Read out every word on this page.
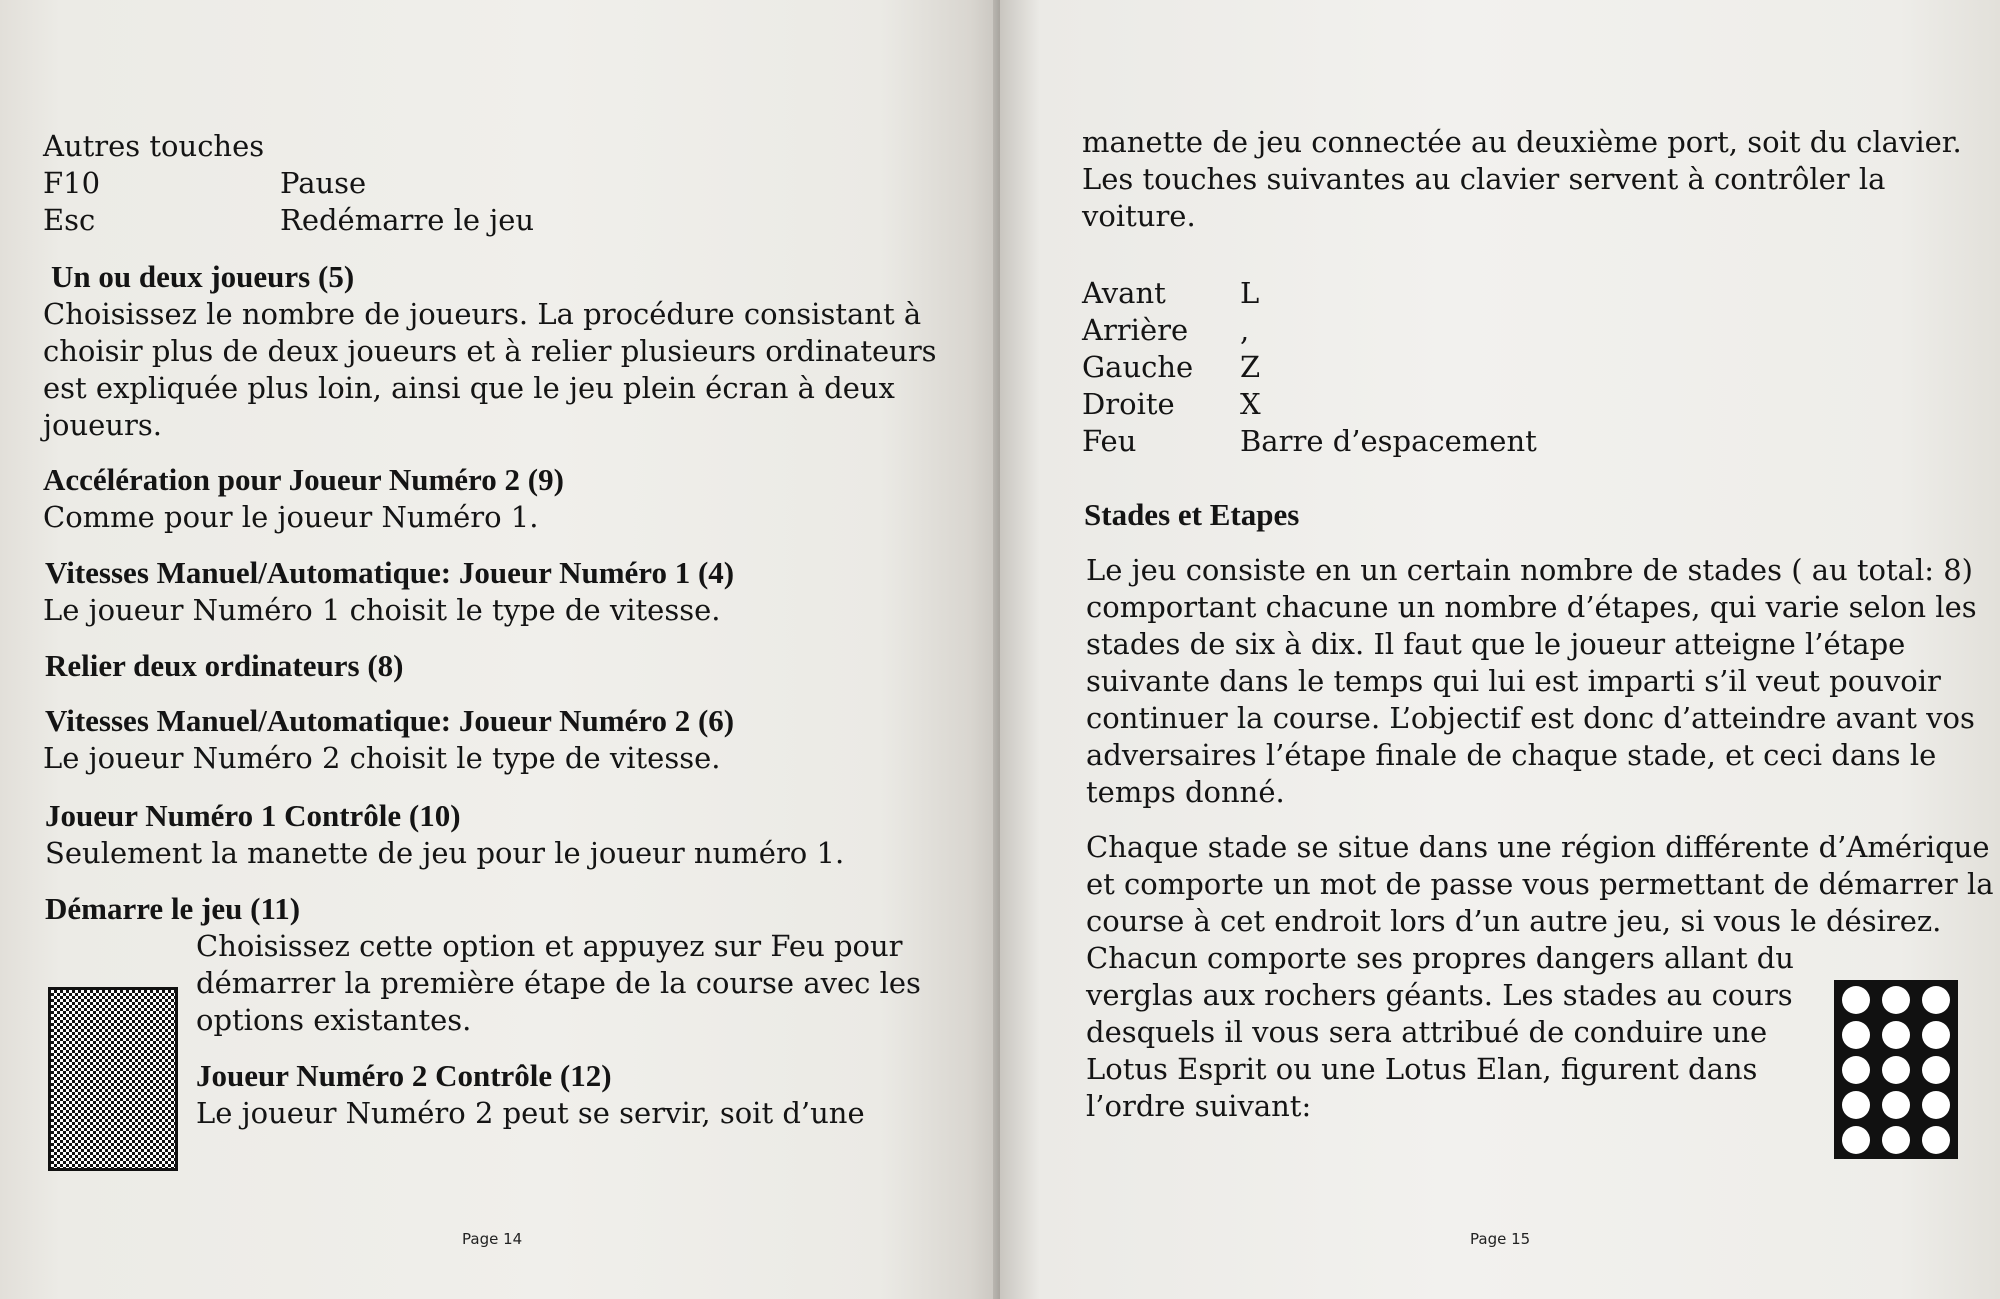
Autres touches
F10	Pause
Esc	Redémarre le jeu
Un ou deux joueurs (5)

Choisissez le nombre de joueurs. La procédure consistant à

choisir plus de deux joueurs et à relier plusieurs ordinateurs

est expliquée plus loin, ainsi que le jeu plein écran à deux

joueurs.

Accélération pour Joueur Numéro 2 (9)
Comme pour le joueur Numéro 1.
Vitesses Manuel/Automatique: Joueur Numéro 1 (4)
Le joueur Numéro 1 choisit le type de vitesse.
Relier deux ordinateurs (8)
Vitesses Manuel/Automatique: Joueur Numéro 2 (6)
Le joueur Numéro 2 choisit le type de vitesse.
Joueur Numéro 1 Contrôle (10)
Seulement la manette de jeu pour le joueur numéro 1.
Démarre le jeu (11)

Choisissez cette option et appuyez sur Feu pour

démarrer la première étape de la course avec les

options existantes.

Joueur Numéro 2 Contrôle (12)
Le joueur Numéro 2 peut se servir, soit d’une
Page 14

manette de jeu connectée au deuxième port, soit du clavier.

Les touches suivantes au clavier servent à contrôler la

voiture.

Avant	L
Arrière ,
Gauche Z
Droite X
Feu	Barre d’espacement
Stades et Etapes

Le jeu consiste en un certain nombre de stades ( au total: 8)

comportant chacune un nombre d’étapes, qui varie selon les

stades de six à dix. Il faut que le joueur atteigne l’étape

suivante dans le temps qui lui est imparti s’il veut pouvoir

continuer la course. L’objectif est donc d’atteindre avant vos

adversaires l’étape finale de chaque stade, et ceci dans le

temps donné.

Chaque stade se situe dans une région différente d’Amérique

et comporte un mot de passe vous permettant de démarrer la

course à cet endroit lors d’un autre jeu, si vous le désirez.

Chacun comporte ses propres dangers allant du

verglas aux rochers géants. Les stades au cours

desquels il vous sera attribué de conduire une

Lotus Esprit ou une Lotus Elan, figurent dans

l’ordre suivant:

Page 15
